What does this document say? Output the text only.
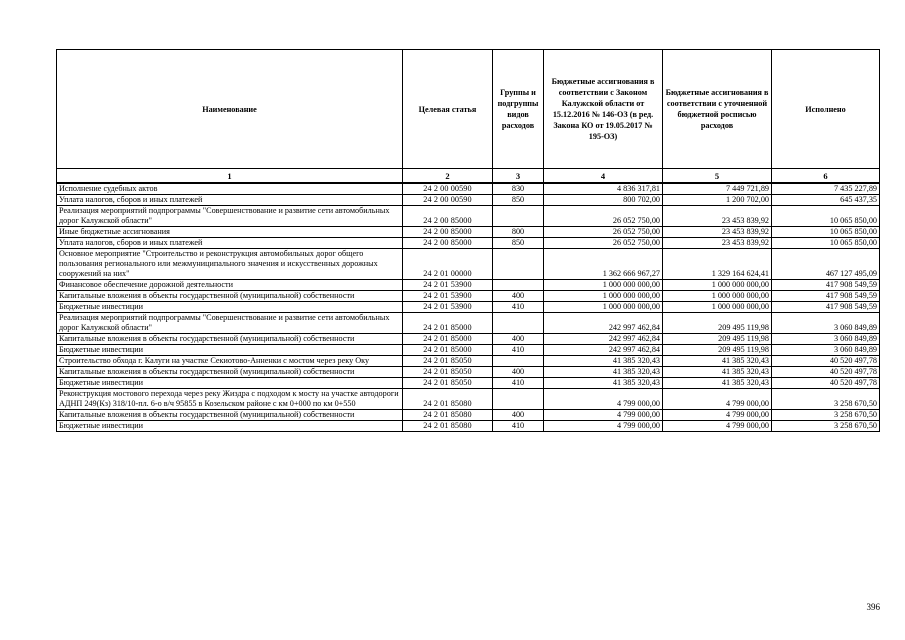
Наименование	Целевая статья	Группы и подгруппы видов расходов	Бюджетные ассигнования в соответствии с Законом Калужской области от 15.12.2016 № 146-ОЗ (в ред. Закона КО от 19.05.2017 № 195-ОЗ)	Бюджетные ассигнования в соответствии с уточненной бюджетной росписью расходов	Исполнено
1	2	3	4	5	6
Исполнение судебных актов	24 2 00 00590	830	4 836 317,81	7 449 721,89	7 435 227,89
Уплата налогов, сборов и иных платежей	24 2 00 00590	850	800 702,00	1 200 702,00	645 437,35
Реализация мероприятий подпрограммы "Совершенствование и развитие сети автомобильных дорог Калужской области"	24 2 00 85000		26 052 750,00	23 453 839,92	10 065 850,00
Иные бюджетные ассигнования	24 2 00 85000	800	26 052 750,00	23 453 839,92	10 065 850,00
Уплата налогов, сборов и иных платежей	24 2 00 85000	850	26 052 750,00	23 453 839,92	10 065 850,00
Основное мероприятие "Строительство и реконструкция автомобильных дорог общего пользования регионального или межмуниципального значения и искусственных дорожных сооружений на них"	24 2 01 00000		1 362 666 967,27	1 329 164 624,41	467 127 495,09
Финансовое обеспечение дорожной деятельности	24 2 01 53900		1 000 000 000,00	1 000 000 000,00	417 908 549,59
Капитальные вложения в объекты государственной (муниципальной) собственности	24 2 01 53900	400	1 000 000 000,00	1 000 000 000,00	417 908 549,59
Бюджетные инвестиции	24 2 01 53900	410	1 000 000 000,00	1 000 000 000,00	417 908 549,59
Реализация мероприятий подпрограммы "Совершенствование и развитие сети автомобильных дорог Калужской области"	24 2 01 85000		242 997 462,84	209 495 119,98	3 060 849,89
Капитальные вложения в объекты государственной (муниципальной) собственности	24 2 01 85000	400	242 997 462,84	209 495 119,98	3 060 849,89
Бюджетные инвестиции	24 2 01 85000	410	242 997 462,84	209 495 119,98	3 060 849,89
Строительство обхода г. Калуги на участке Секиотово-Анненки с мостом через реку Оку	24 2 01 85050		41 385 320,43	41 385 320,43	40 520 497,78
Капитальные вложения в объекты государственной (муниципальной) собственности	24 2 01 85050	400	41 385 320,43	41 385 320,43	40 520 497,78
Бюджетные инвестиции	24 2 01 85050	410	41 385 320,43	41 385 320,43	40 520 497,78
Реконструкция мостового перехода через реку Жиздра с подходом к мосту на участке автодороги АДНП 249(Кз) 318/10-пл. 6-о в/ч 95855 в Козельском районе с км 0+000 по км 0+550	24 2 01 85080		4 799 000,00	4 799 000,00	3 258 670,50
Капитальные вложения в объекты государственной (муниципальной) собственности	24 2 01 85080	400	4 799 000,00	4 799 000,00	3 258 670,50
Бюджетные инвестиции	24 2 01 85080	410	4 799 000,00	4 799 000,00	3 258 670,50
396
